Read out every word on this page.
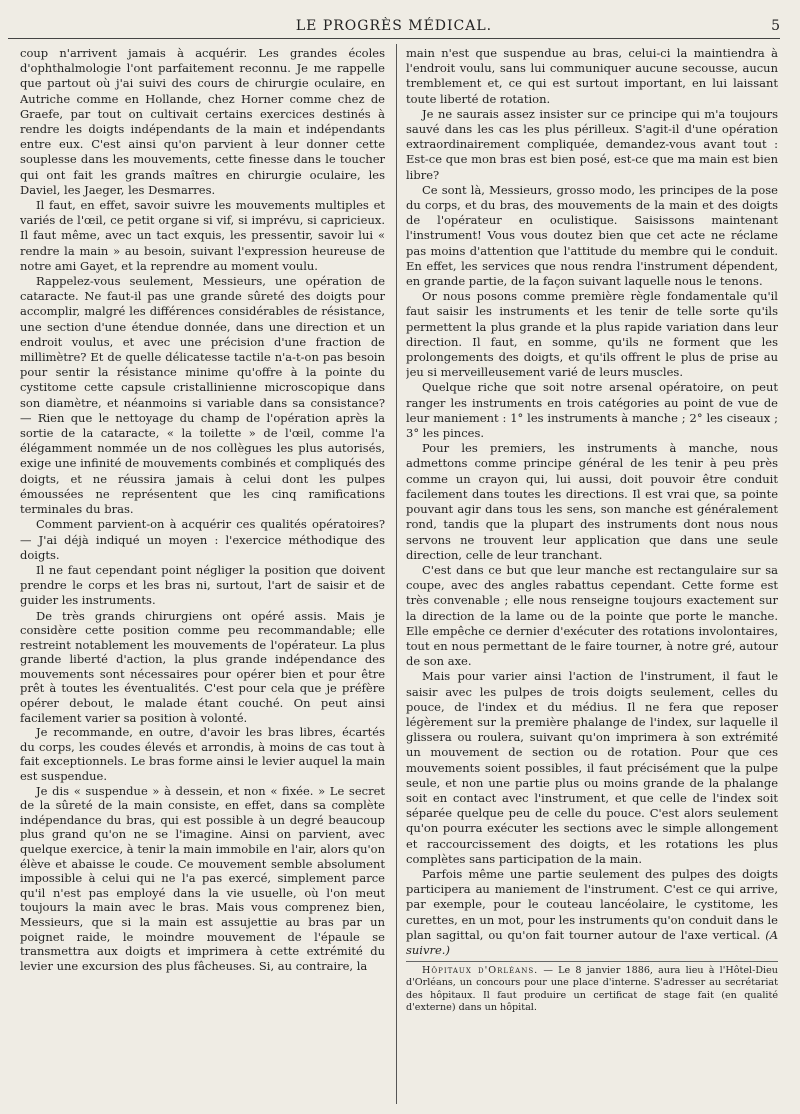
LE PROGRÈS MÉDICAL.	5

coup n'arrivent jamais à acquérir. Les grandes écoles d'ophthalmologie l'ont parfaitement reconnu. Je me rappelle que partout où j'ai suivi des cours de chirurgie oculaire, en Autriche comme en Hollande, chez Horner comme chez de Graefe, par tout on cultivait certains exercices destinés à rendre les doigts indépendants de la main et indépendants entre eux. C'est ainsi qu'on parvient à leur donner cette souplesse dans les mouvements, cette finesse dans le toucher qui ont fait les grands maîtres en chirurgie oculaire, les Daviel, les Jaeger, les Desmarres.

Il faut, en effet, savoir suivre les mouvements multiples et variés de l'œil, ce petit organe si vif, si imprévu, si capricieux. Il faut même, avec un tact exquis, les pressentir, savoir lui « rendre la main » au besoin, suivant l'expression heureuse de notre ami Gayet, et la reprendre au moment voulu.

Rappelez-vous seulement, Messieurs, une opération de cataracte. Ne faut-il pas une grande sûreté des doigts pour accomplir, malgré les différences considérables de résistance, une section d'une étendue donnée, dans une direction et un endroit voulus, et avec une précision d'une fraction de millimètre? Et de quelle délicatesse tactile n'a-t-on pas besoin pour sentir la résistance minime qu'offre à la pointe du cystitome cette capsule cristallinienne microscopique dans son diamètre, et néanmoins si variable dans sa consistance? — Rien que le nettoyage du champ de l'opération après la sortie de la cataracte, « la toilette » de l'œil, comme l'a élégamment nommée un de nos collègues les plus autorisés, exige une infinité de mouvements combinés et compliqués des doigts, et ne réussira jamais à celui dont les pulpes émoussées ne représentent que les cinq ramifications terminales du bras.

Comment parvient-on à acquérir ces qualités opératoires? — J'ai déjà indiqué un moyen : l'exercice méthodique des doigts.

Il ne faut cependant point négliger la position que doivent prendre le corps et les bras ni, surtout, l'art de saisir et de guider les instruments.

De très grands chirurgiens ont opéré assis. Mais je considère cette position comme peu recommandable; elle restreint notablement les mouvements de l'opérateur. La plus grande liberté d'action, la plus grande indépendance des mouvements sont nécessaires pour opérer bien et pour être prêt à toutes les éventualités. C'est pour cela que je préfère opérer debout, le malade étant couché. On peut ainsi facilement varier sa position à volonté.

Je recommande, en outre, d'avoir les bras libres, écartés du corps, les coudes élevés et arrondis, à moins de cas tout à fait exceptionnels. Le bras forme ainsi le levier auquel la main est suspendue.

Je dis « suspendue » à dessein, et non « fixée. » Le secret de la sûreté de la main consiste, en effet, dans sa complète indépendance du bras, qui est possible à un degré beaucoup plus grand qu'on ne se l'imagine. Ainsi on parvient, avec quelque exercice, à tenir la main immobile en l'air, alors qu'on élève et abaisse le coude. Ce mouvement semble absolument impossible à celui qui ne l'a pas exercé, simplement parce qu'il n'est pas employé dans la vie usuelle, où l'on meut toujours la main avec le bras. Mais vous comprenez bien, Messieurs, que si la main est assujettie au bras par un poignet raide, le moindre mouvement de l'épaule se transmettra aux doigts et imprimera à cette extrémité du levier une excursion des plus fâcheuses. Si, au contraire, la

main n'est que suspendue au bras, celui-ci la maintiendra à l'endroit voulu, sans lui communiquer aucune secousse, aucun tremblement et, ce qui est surtout important, en lui laissant toute liberté de rotation.

Je ne saurais assez insister sur ce principe qui m'a toujours sauvé dans les cas les plus périlleux. S'agit-il d'une opération extraordinairement compliquée, demandez-vous avant tout : Est-ce que mon bras est bien posé, est-ce que ma main est bien libre?

Ce sont là, Messieurs, grosso modo, les principes de la pose du corps, et du bras, des mouvements de la main et des doigts de l'opérateur en oculistique. Saisissons maintenant l'instrument! Vous vous doutez bien que cet acte ne réclame pas moins d'attention que l'attitude du membre qui le conduit. En effet, les services que nous rendra l'instrument dépendent, en grande partie, de la façon suivant laquelle nous le tenons.

Or nous posons comme première règle fondamentale qu'il faut saisir les instruments et les tenir de telle sorte qu'ils permettent la plus grande et la plus rapide variation dans leur direction. Il faut, en somme, qu'ils ne forment que les prolongements des doigts, et qu'ils offrent le plus de prise au jeu si merveilleusement varié de leurs muscles.

Quelque riche que soit notre arsenal opératoire, on peut ranger les instruments en trois catégories au point de vue de leur maniement : 1° les instruments à manche ; 2° les ciseaux ; 3° les pinces.

Pour les premiers, les instruments à manche, nous admettons comme principe général de les tenir à peu près comme un crayon qui, lui aussi, doit pouvoir être conduit facilement dans toutes les directions. Il est vrai que, sa pointe pouvant agir dans tous les sens, son manche est généralement rond, tandis que la plupart des instruments dont nous nous servons ne trouvent leur application que dans une seule direction, celle de leur tranchant.

C'est dans ce but que leur manche est rectangulaire sur sa coupe, avec des angles rabattus cependant. Cette forme est très convenable ; elle nous renseigne toujours exactement sur la direction de la lame ou de la pointe que porte le manche. Elle empêche ce dernier d'exécuter des rotations involontaires, tout en nous permettant de le faire tourner, à notre gré, autour de son axe.

Mais pour varier ainsi l'action de l'instrument, il faut le saisir avec les pulpes de trois doigts seulement, celles du pouce, de l'index et du médius. Il ne fera que reposer légèrement sur la première phalange de l'index, sur laquelle il glissera ou roulera, suivant qu'on imprimera à son extrémité un mouvement de section ou de rotation. Pour que ces mouvements soient possibles, il faut précisément que la pulpe seule, et non une partie plus ou moins grande de la phalange soit en contact avec l'instrument, et que celle de l'index soit séparée quelque peu de celle du pouce. C'est alors seulement qu'on pourra exécuter les sections avec le simple allongement et raccourcissement des doigts, et les rotations les plus complètes sans participation de la main.

Parfois même une partie seulement des pulpes des doigts participera au maniement de l'instrument. C'est ce qui arrive, par exemple, pour le couteau lancéolaire, le cystitome, les curettes, en un mot, pour les instruments qu'on conduit dans le plan sagittal, ou qu'on fait tourner autour de l'axe vertical. (A suivre.)

Hôpitaux d'Orléans. — Le 8 janvier 1886, aura lieu à l'Hôtel-Dieu d'Orléans, un concours pour une place d'interne. S'adresser au secrétariat des hôpitaux. Il faut produire un certificat de stage fait (en qualité d'externe) dans un hôpital.
